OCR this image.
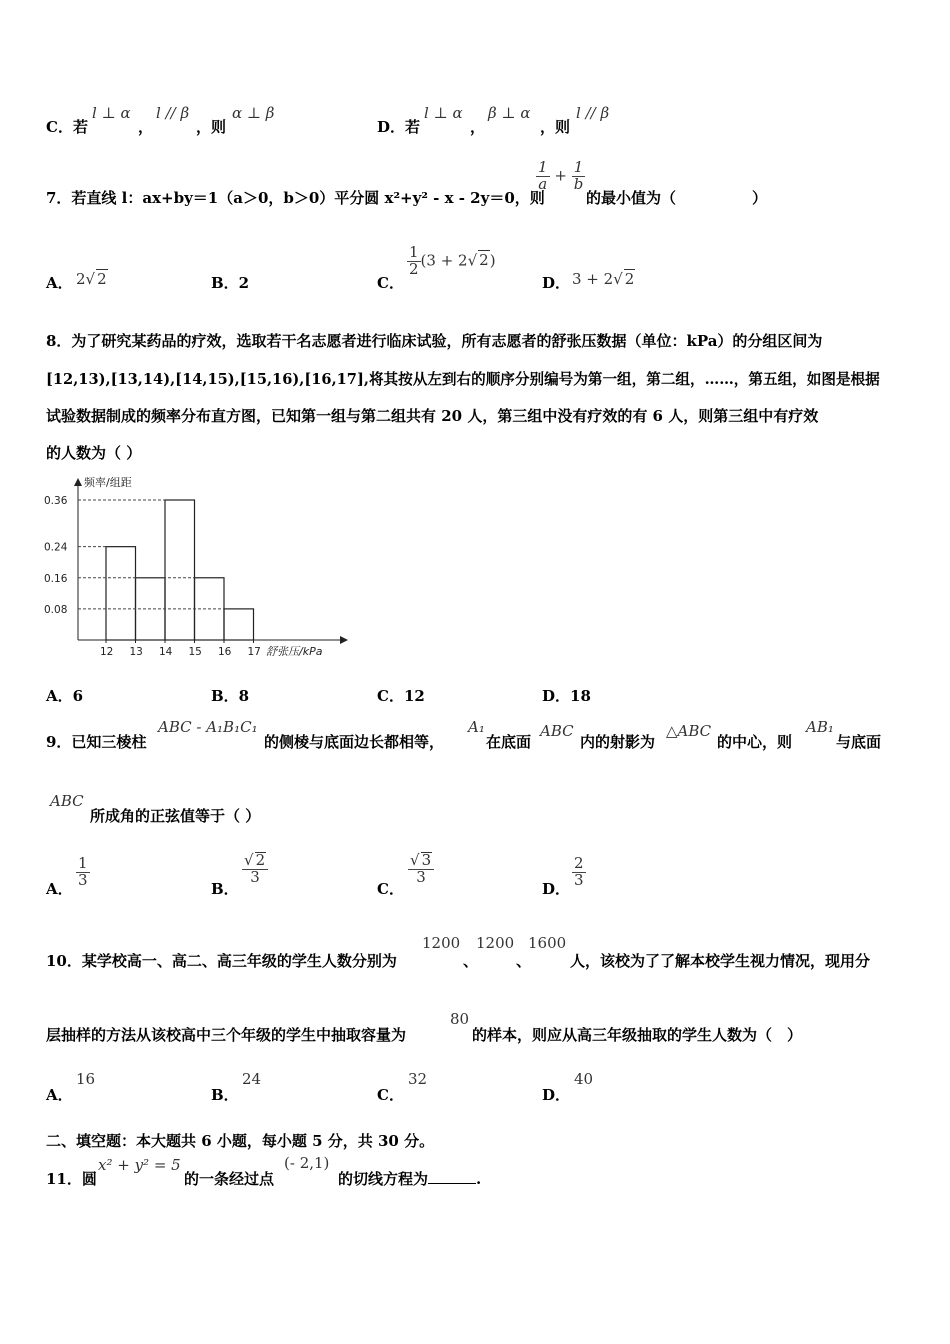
C．若
l ⊥ α
，
l // β
，则
α ⊥ β
D．若
l ⊥ α
，
β ⊥ α
，则
l // β
7．若直线 l：ax+by＝1（a＞0，b＞0）平分圆 x²+y² - x - 2y＝0，则
$\frac{1}{a} + \frac{1}{b}$
的最小值为（	）
A． 2√ 2	B．2	C．
$\frac{1}{2} (3 + 2√$ 2)
D． 3 + 2√ 2
8．为了研究某药品的疗效，选取若干名志愿者进行临床试验，所有志愿者的舒张压数据（单位：kPa）的分组区间为
[12,13),[13,14),[14,15),[15,16),[16,17],将其按从左到右的顺序分别编号为第一组，第二组，……，第五组，如图是根据
试验数据制成的频率分布直方图，已知第一组与第二组共有 20 人，第三组中没有疗效的有 6 人，则第三组中有疗效
的人数为（ ）
频率/组距
舒张压/kPa
0.36
0.24
0.16
0.08
12 13 14 15 16 17
A．6	B．8	C．12	D．18
9．已知三棱柱
ABC - A₁B₁C₁
的侧棱与底面边长都相等，
A₁
在底面
ABC
内的射影为
△ABC
的中心，则
AB₁
与底面
ABC
所成角的正弦值等于（ ）
A．
$\frac{1}{3}$
B．
$\frac{√ 2}{3}$
C．
$\frac{√ 3}{3}$
D．
$\frac{2}{3}$
10．某学校高一、高二、高三年级的学生人数分别为
1200
、
1200
、
1600
人，该校为了了解本校学生视力情况，现用分
层抽样的方法从该校高中三个年级的学生中抽取容量为
80
的样本，则应从高三年级抽取的学生人数为（　）
A．
16
B．
24
C．
32
D．
40
二、填空题：本大题共 6 小题，每小题 5 分，共 30 分。
11．圆
x² + y² = 5
的一条经过点
(- 2,1)
的切线方程为	.
